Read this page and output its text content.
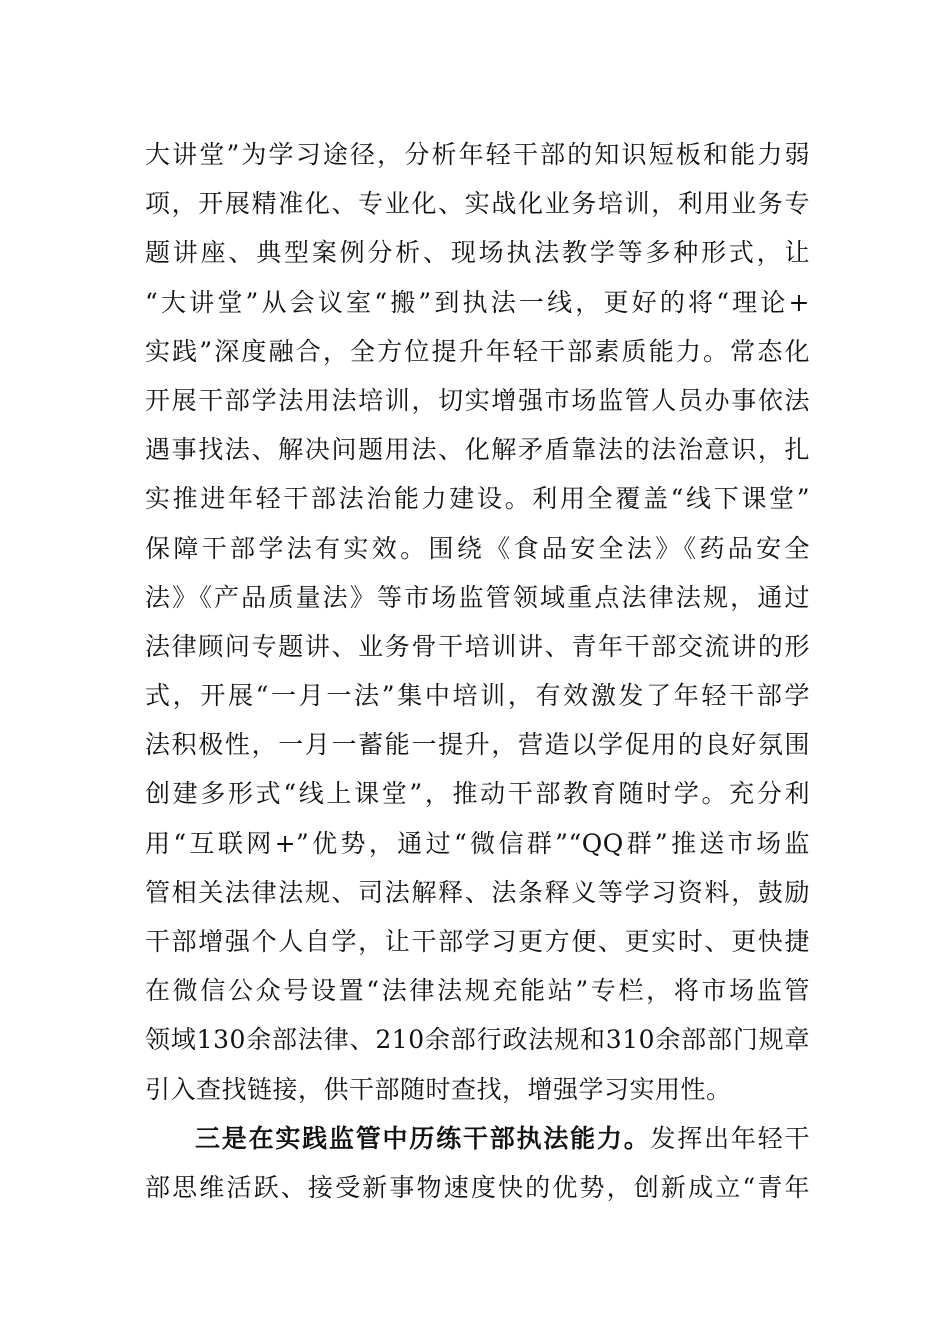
大讲堂”为学习途径，分析年轻干部的知识短板和能力弱
项，开展精准化、专业化、实战化业务培训，利用业务专
题讲座、典型案例分析、现场执法教学等多种形式，让
“大讲堂”从会议室“搬”到执法一线，更好的将“理论+
实践”深度融合，全方位提升年轻干部素质能力。常态化
开展干部学法用法培训，切实增强市场监管人员办事依法
遇事找法、解决问题用法、化解矛盾靠法的法治意识，扎
实推进年轻干部法治能力建设。利用全覆盖“线下课堂”
保障干部学法有实效。围绕《食品安全法》《药品安全
法》《产品质量法》等市场监管领域重点法律法规，通过
法律顾问专题讲、业务骨干培训讲、青年干部交流讲的形
式，开展“一月一法”集中培训，有效激发了年轻干部学
法积极性，一月一蓄能一提升，营造以学促用的良好氛围
创建多形式“线上课堂”，推动干部教育随时学。充分利
用“互联网+”优势，通过“微信群”“QQ群”推送市场监
管相关法律法规、司法解释、法条释义等学习资料，鼓励
干部增强个人自学，让干部学习更方便、更实时、更快捷
在微信公众号设置“法律法规充能站”专栏，将市场监管
领域130余部法律、210余部行政法规和310余部部门规章
引入查找链接，供干部随时查找，增强学习实用性。
三是在实践监管中历练干部执法能力。发挥出年轻干
部思维活跃、接受新事物速度快的优势，创新成立“青年
